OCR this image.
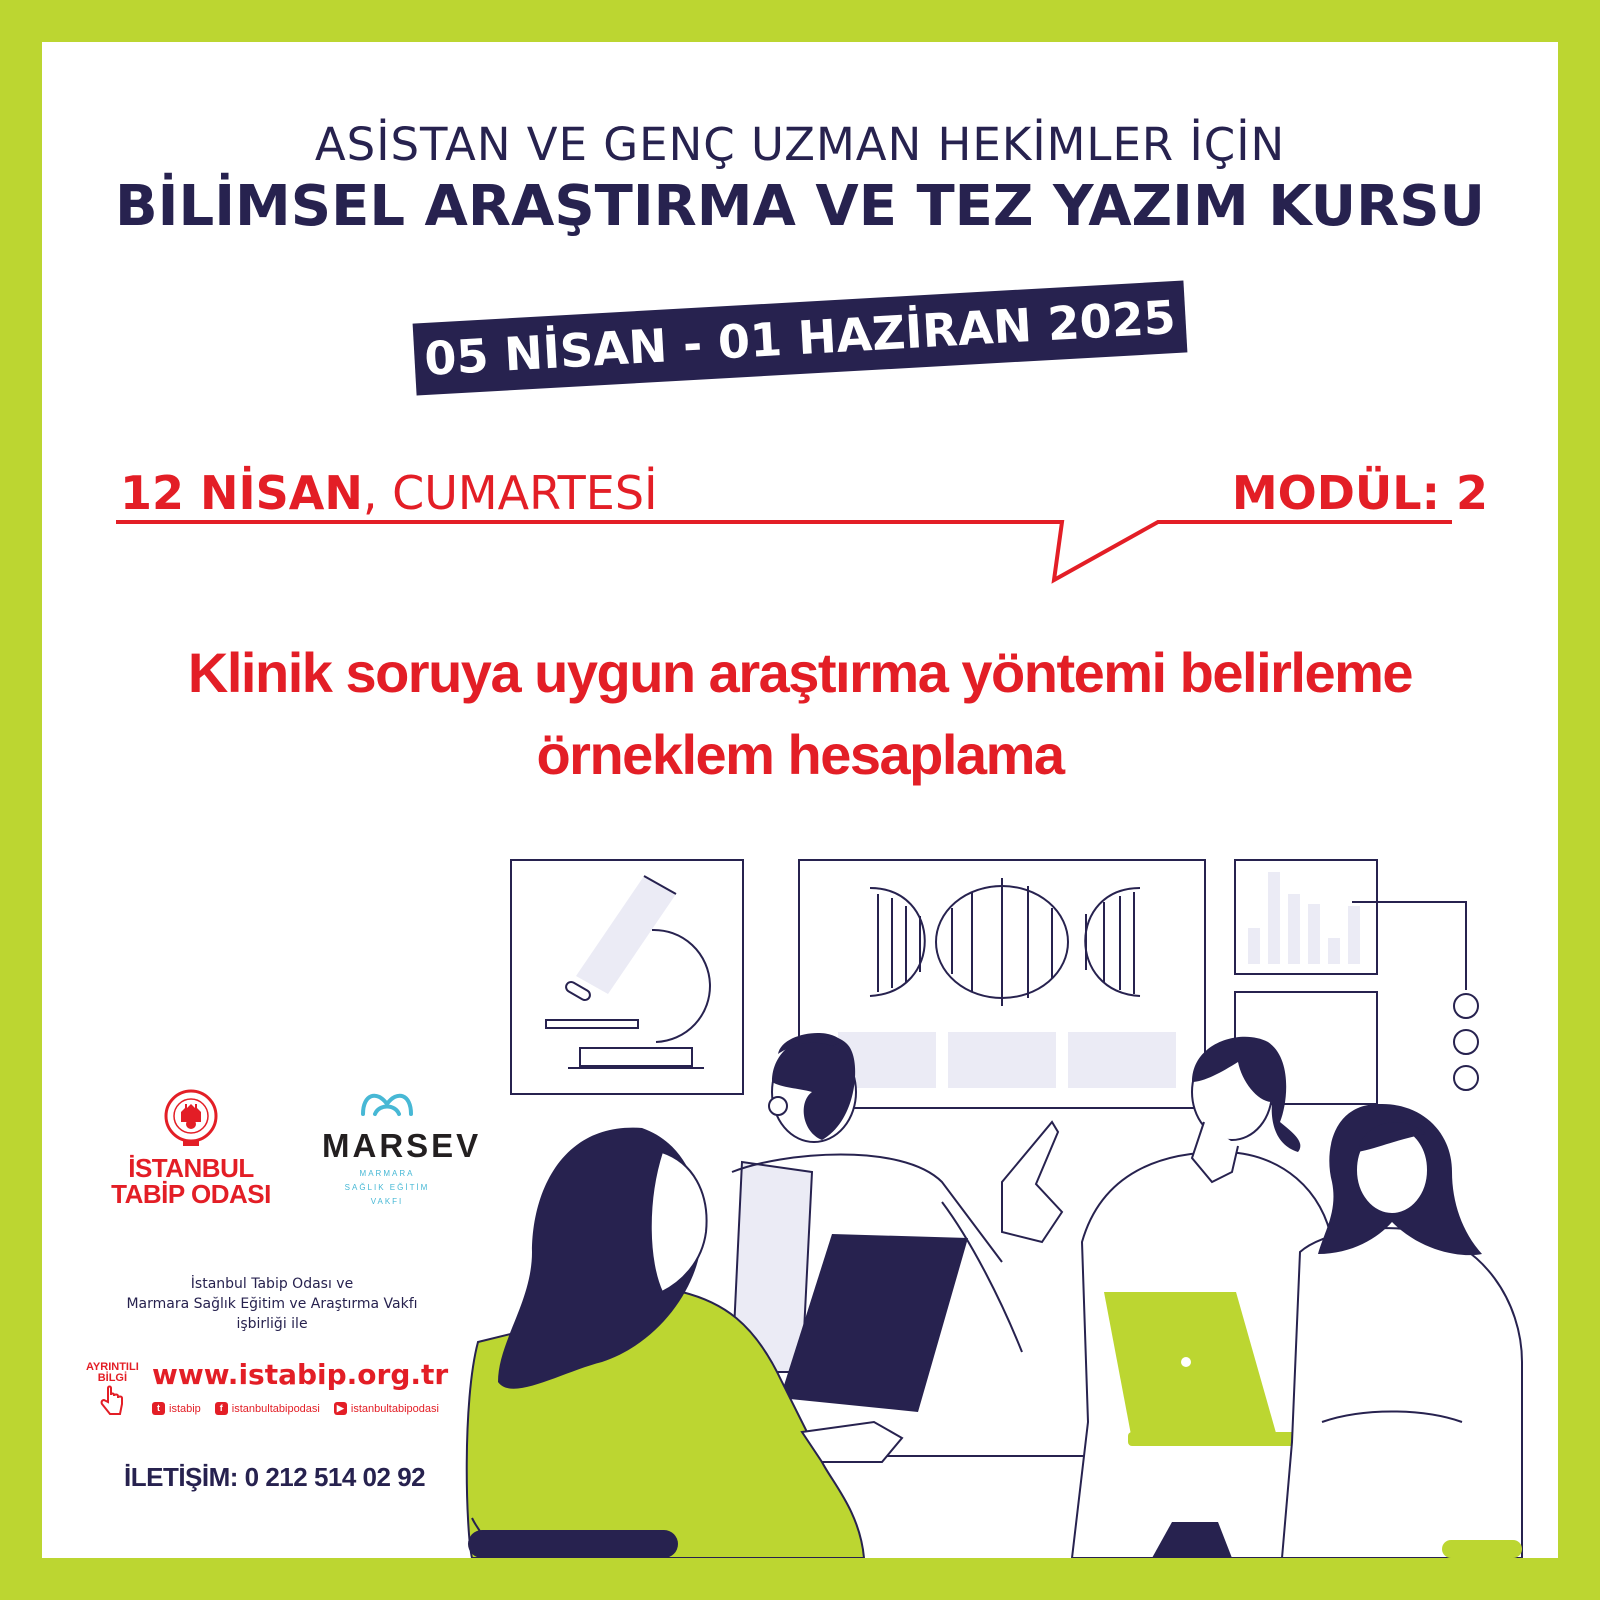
ASİSTAN VE GENÇ UZMAN HEKİMLER İÇİN
BİLİMSEL ARAŞTIRMA VE TEZ YAZIM KURSU
05 NİSAN - 01 HAZİRAN 2025
12 NİSAN, CUMARTESİ	MODÜL: 2
Klinik soruya uygun araştırma yöntemi belirleme
örneklem hesaplama
İSTANBUL
TABİP ODASI
MARSEV
MARMARA
SAĞLIK EĞİTİM
VAKFI
İstanbul Tabip Odası ve
Marmara Sağlık Eğitim ve Araştırma Vakfı
işbirliği ile
AYRINTILI
BİLGİ www.istabip.org.tr
t istabip	f istanbultabipodasi	▶ istanbultabipodasi
İLETİŞİM: 0 212 514 02 92
